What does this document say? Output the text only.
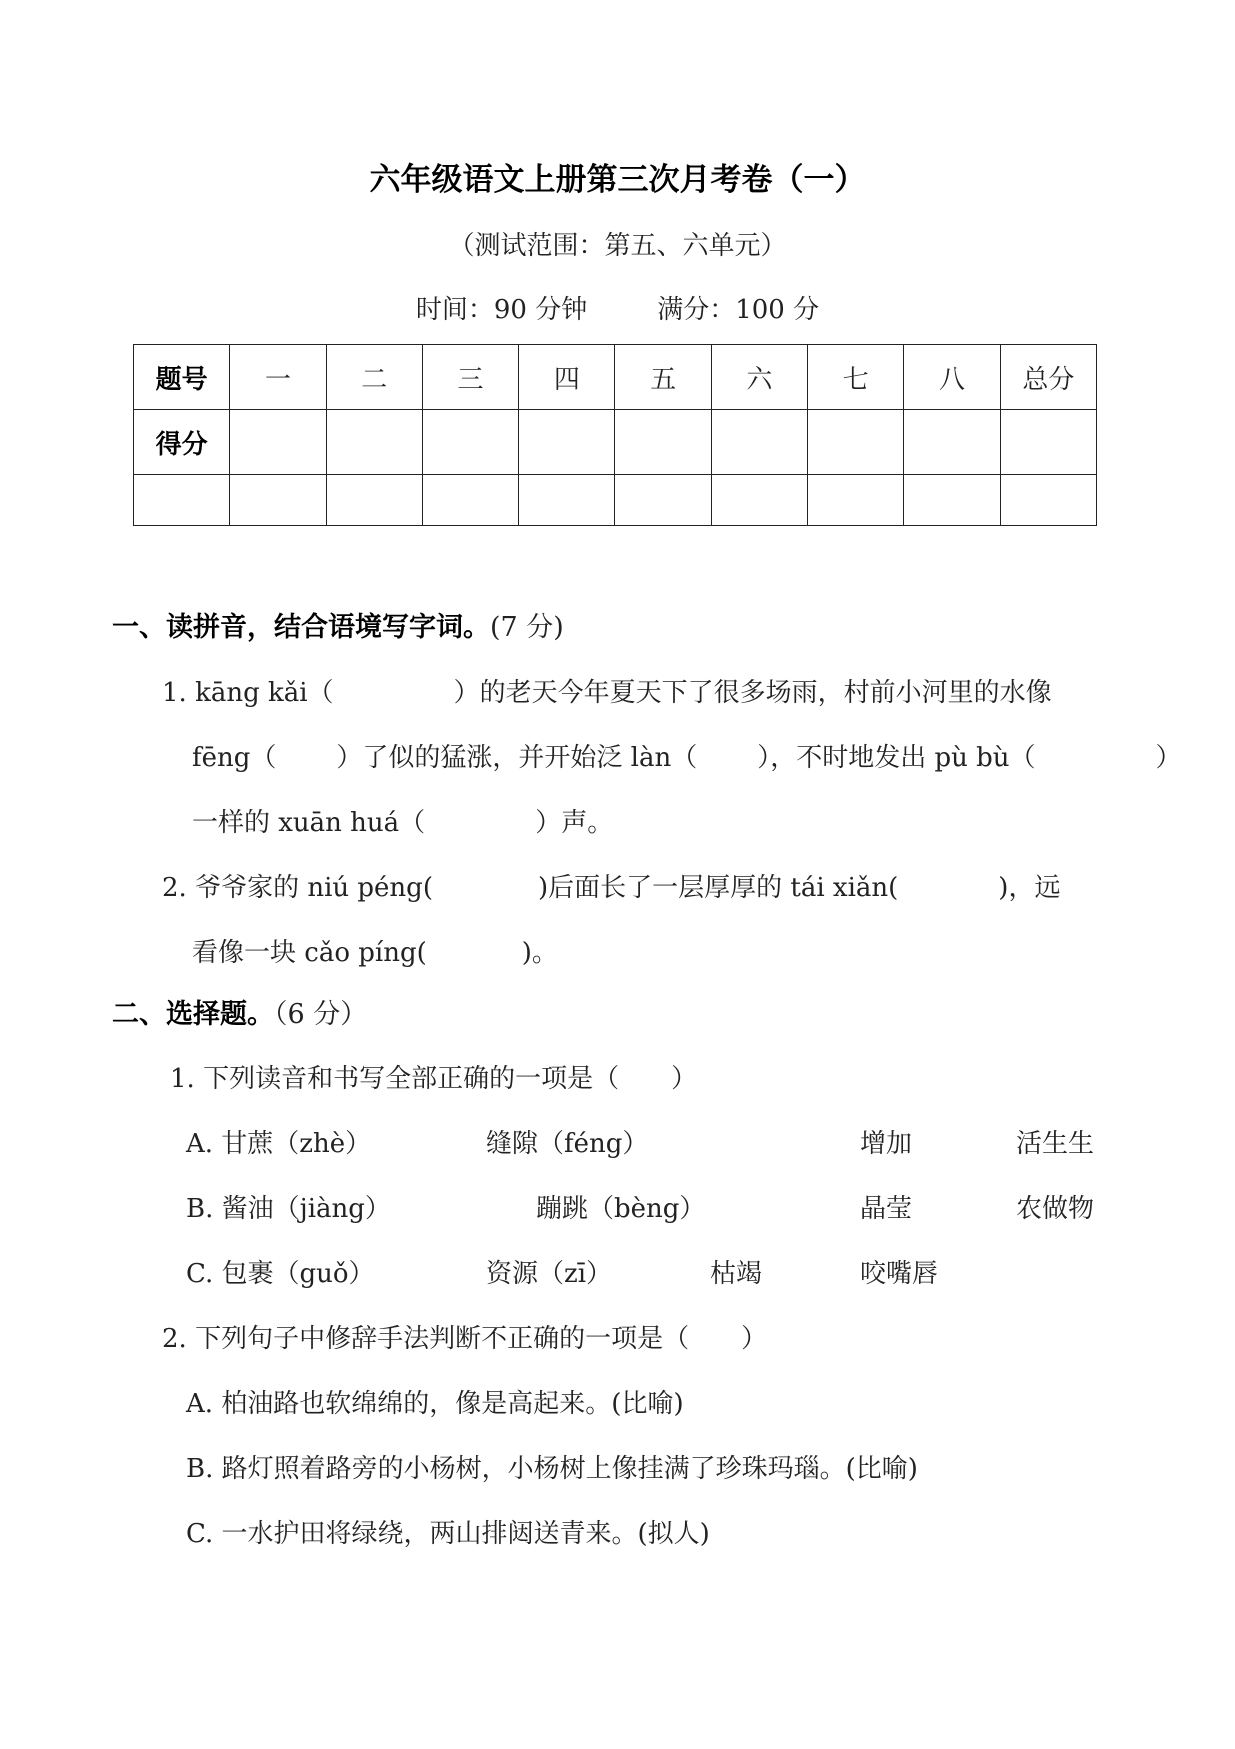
六年级语文上册第三次月考卷（一）
（测试范围：第五、六单元）
时间：90 分钟	满分：100 分
题号	一	二	三	四	五	六	七	八	总分
得分									

一、读拼音，结合语境写字词。(7 分)
1. kāng kǎi（	）的老天今年夏天下了很多场雨，村前小河里的水像
fēng（ ）了似的猛涨，并开始泛 làn（ ），不时地发出 pù bù（	）
一样的 xuān huá（	）声。
2. 爷爷家的 niú péng(	)后面长了一层厚厚的 tái xiǎn(	)，远
看像一块 cǎo píng(	)。
二、选择题。（6 分）
1. 下列读音和书写全部正确的一项是（　　）
A. 甘蔗（zhè）	缝隙（féng）	增加	活生生
B. 酱油（jiàng）	蹦跳（bèng）	晶莹	农做物
C. 包裹（guǒ）	资源（zī）	枯竭	咬嘴唇
2. 下列句子中修辞手法判断不正确的一项是（　　）
A. 柏油路也软绵绵的，像是高起来。(比喻)
B. 路灯照着路旁的小杨树，小杨树上像挂满了珍珠玛瑙。(比喻)
C. 一水护田将绿绕，两山排闼送青来。(拟人)
